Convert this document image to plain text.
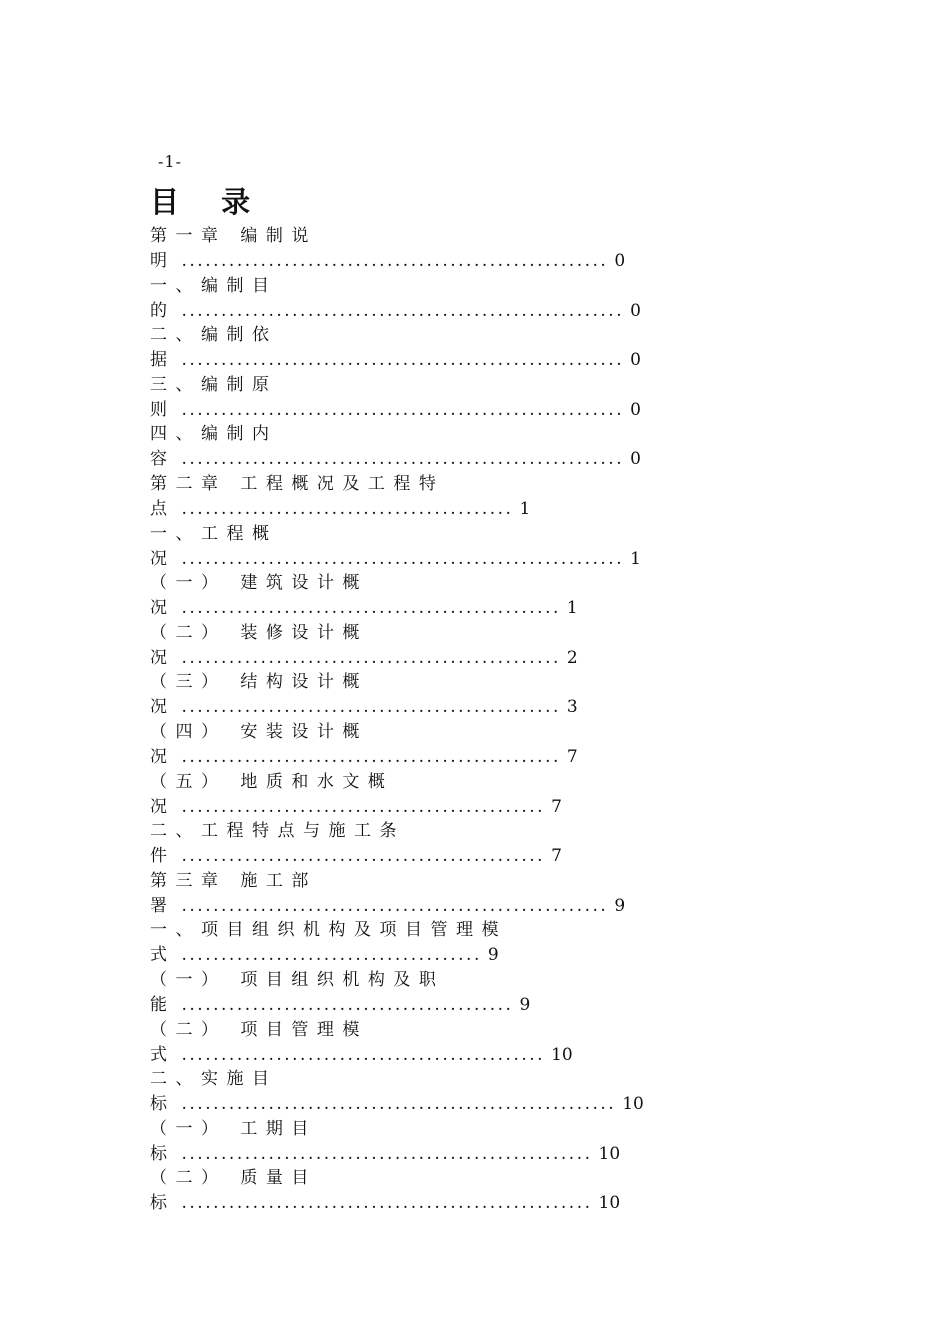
-1-
目 录
第一章 编制说
明 ...................................................... 0
一、编制目
的 ........................................................ 0
二、编制依
据 ........................................................ 0
三、编制原
则 ........................................................ 0
四、编制内
容 ........................................................ 0
第二章 工程概况及工程特
点 .......................................... 1
一、工程概
况 ........................................................ 1
（一） 建筑设计概
况 ................................................ 1
（二） 装修设计概
况 ................................................ 2
（三） 结构设计概
况 ................................................ 3
（四） 安装设计概
况 ................................................ 7
（五） 地质和水文概
况 .............................................. 7
二、工程特点与施工条
件 .............................................. 7
第三章 施工部
署 ...................................................... 9
一、项目组织机构及项目管理模
式 ...................................... 9
（一） 项目组织机构及职
能 .......................................... 9
（二） 项目管理模
式 .............................................. 10
二、实施目
标 ....................................................... 10
（一） 工期目
标 .................................................... 10
（二） 质量目
标 .................................................... 10
